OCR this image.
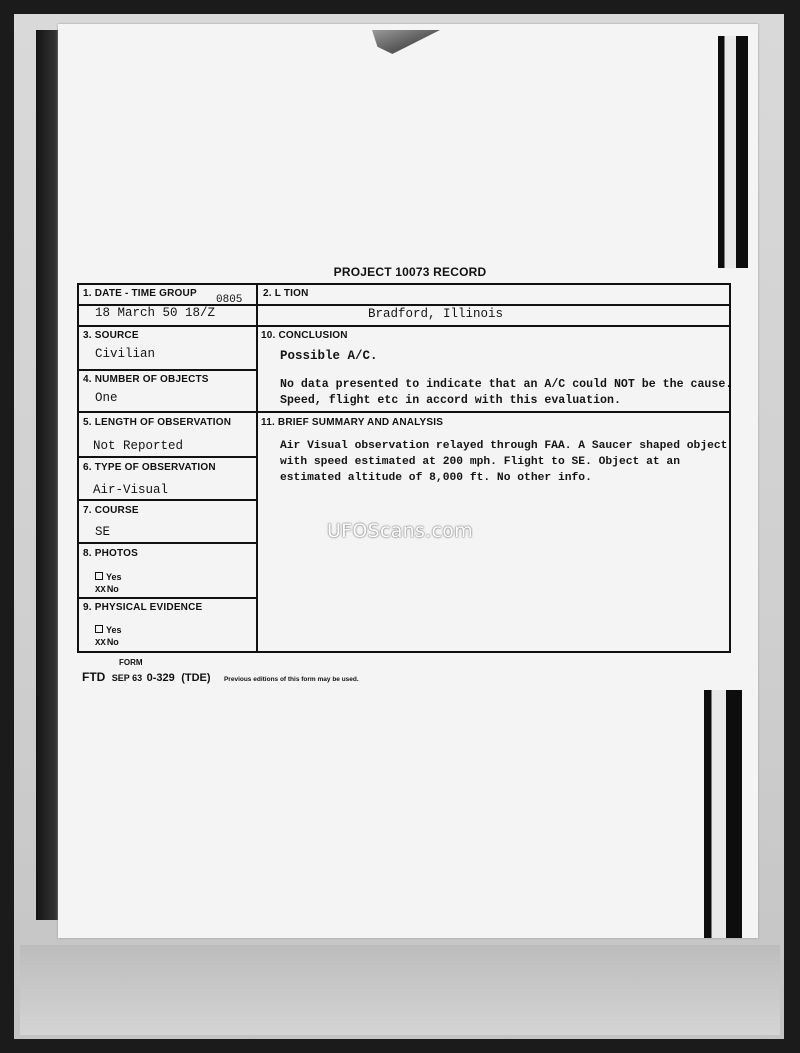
PROJECT 10073 RECORD
1. DATE - TIME GROUP
18 March 50 18/Z
0805
2. L TION
Bradford, Illinois
3. SOURCE
Civilian
4. NUMBER OF OBJECTS
One
10. CONCLUSION
Possible A/C.
No data presented to indicate that an A/C could NOT be the cause.
Speed, flight etc in accord with this evaluation.
5. LENGTH OF OBSERVATION
Not Reported
6. TYPE OF OBSERVATION
Air-Visual
7. COURSE
SE
8. PHOTOS
Yes
XXNo
9. PHYSICAL EVIDENCE
Yes
XXNo
11. BRIEF SUMMARY AND ANALYSIS
Air Visual observation relayed through FAA. A Saucer shaped object
with speed estimated at 200 mph. Flight to SE. Object at an
estimated altitude of 8,000 ft. No other info.
UFOScans.com
FORM
FTD SEP 63 0-329 (TDE) Previous editions of this form may be used.
